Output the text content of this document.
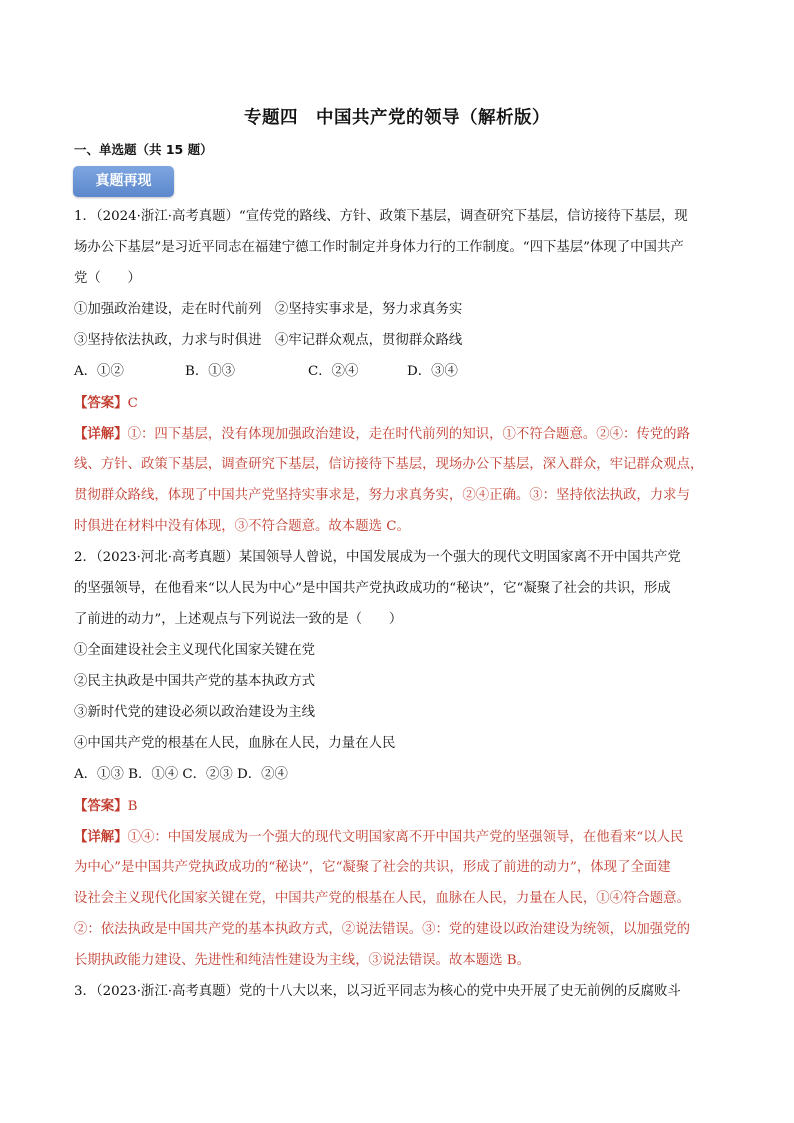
专题四　中国共产党的领导（解析版）
一、单选题（共 15 题）
真题再现
1．（2024·浙江·高考真题）“宣传党的路线、方针、政策下基层，调查研究下基层，信访接待下基层，现
场办公下基层”是习近平同志在福建宁德工作时制定并身体力行的工作制度。“四下基层”体现了中国共产
党（　　）
①加强政治建设，走在时代前列　②坚持实事求是，努力求真务实
③坚持依法执政，力求与时俱进　④牢记群众观点，贯彻群众路线
A．①②	B．①③	C．②④	D．③④
【答案】C
【详解】①：四下基层，没有体现加强政治建设，走在时代前列的知识，①不符合题意。②④：传党的路
线、方针、政策下基层，调查研究下基层，信访接待下基层，现场办公下基层，深入群众，牢记群众观点，
贯彻群众路线，体现了中国共产党坚持实事求是，努力求真务实，②④正确。③：坚持依法执政，力求与
时俱进在材料中没有体现，③不符合题意。故本题选 C。
2．（2023·河北·高考真题）某国领导人曾说，中国发展成为一个强大的现代文明国家离不开中国共产党
的坚强领导，在他看来“以人民为中心”是中国共产党执政成功的“秘诀”，它“凝聚了社会的共识，形成
了前进的动力”，上述观点与下列说法一致的是（　　）
①全面建设社会主义现代化国家关键在党
②民主执政是中国共产党的基本执政方式
③新时代党的建设必须以政治建设为主线
④中国共产党的根基在人民，血脉在人民，力量在人民
A．①③ B．①④ C．②③ D．②④
【答案】B
【详解】①④：中国发展成为一个强大的现代文明国家离不开中国共产党的坚强领导，在他看来“以人民
为中心”是中国共产党执政成功的“秘诀”，它“凝聚了社会的共识，形成了前进的动力”，体现了全面建
设社会主义现代化国家关键在党，中国共产党的根基在人民，血脉在人民，力量在人民，①④符合题意。
②：依法执政是中国共产党的基本执政方式，②说法错误。③：党的建设以政治建设为统领，以加强党的
长期执政能力建设、先进性和纯洁性建设为主线，③说法错误。故本题选 B。
3．（2023·浙江·高考真题）党的十八大以来，以习近平同志为核心的党中央开展了史无前例的反腐败斗
